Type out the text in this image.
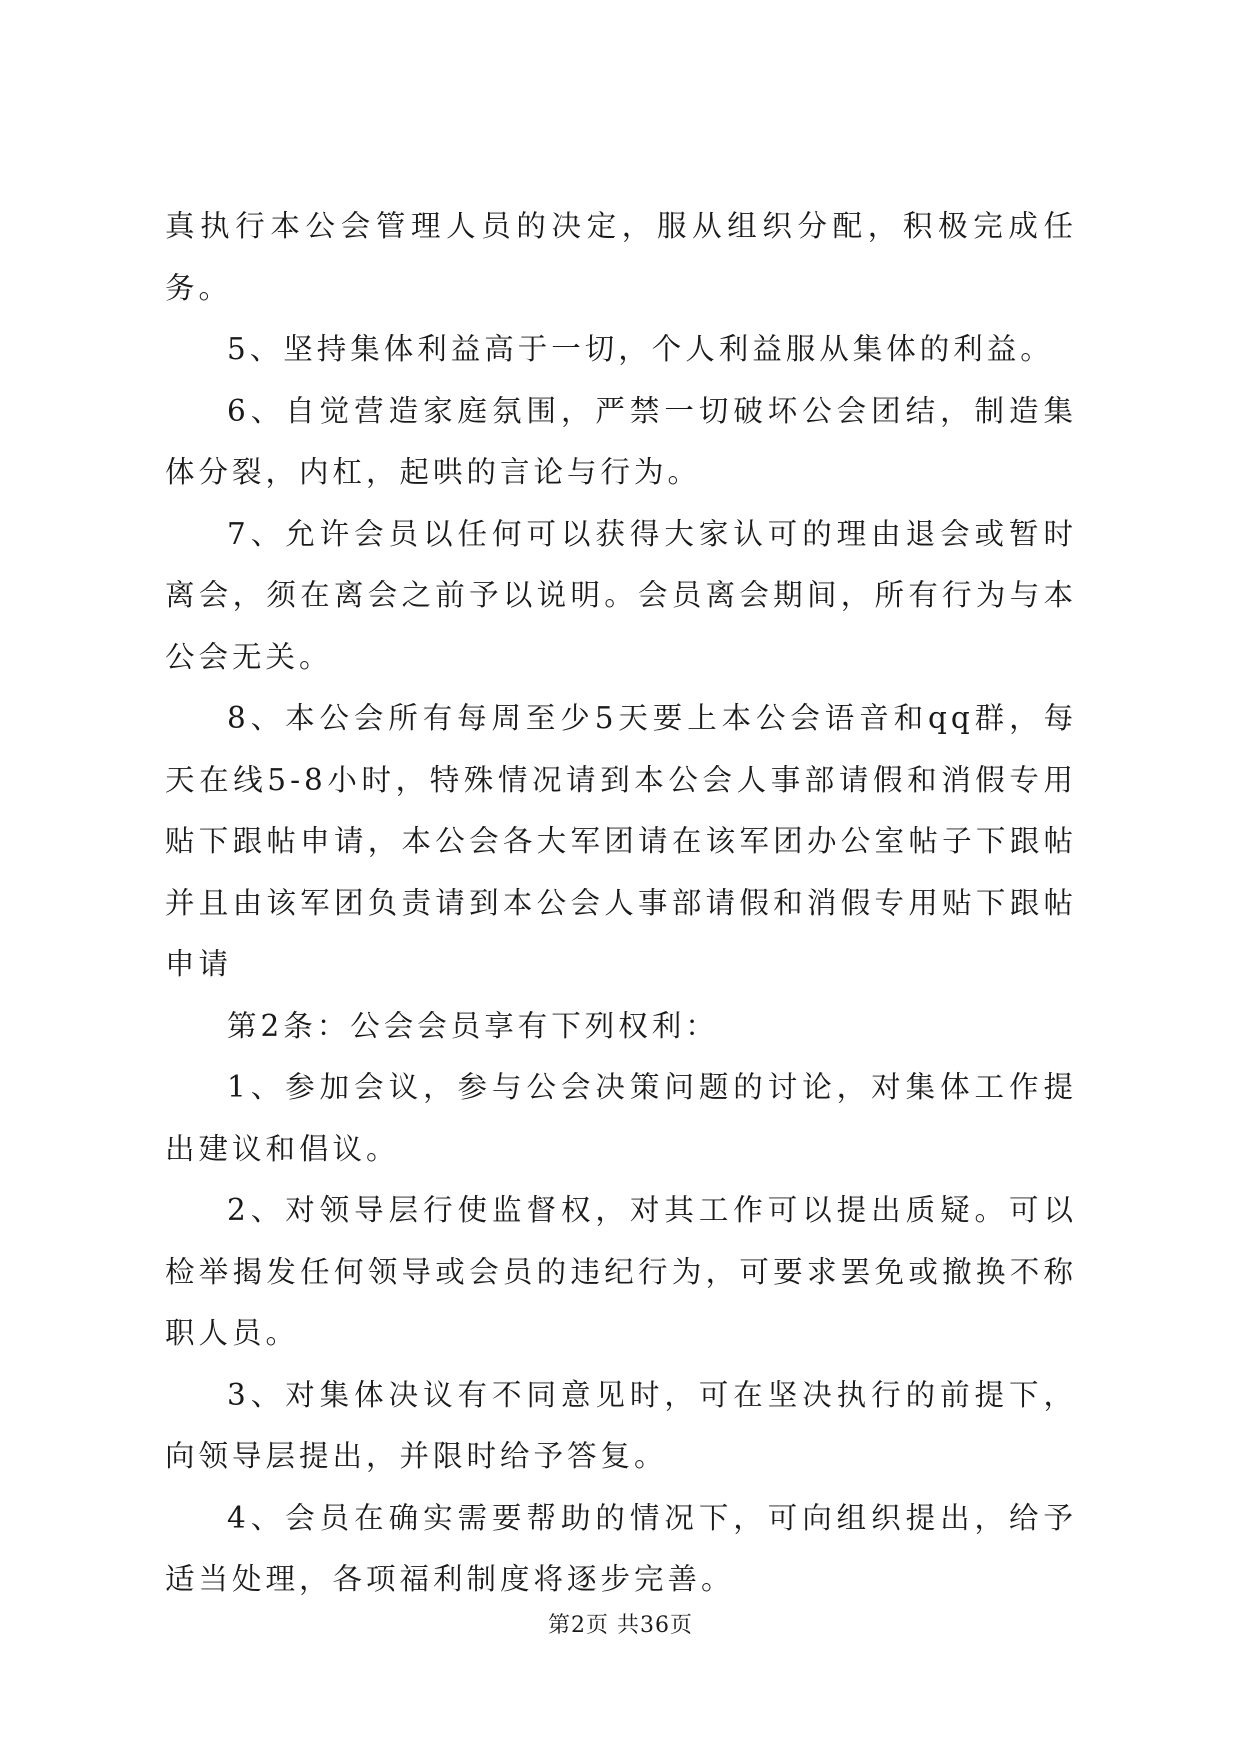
真执行本公会管理人员的决定，服从组织分配，积极完成任务。

5、坚持集体利益高于一切，个人利益服从集体的利益。

6、自觉营造家庭氛围，严禁一切破坏公会团结，制造集体分裂，内杠，起哄的言论与行为。

7、允许会员以任何可以获得大家认可的理由退会或暂时离会，须在离会之前予以说明。会员离会期间，所有行为与本公会无关。

8、本公会所有每周至少5天要上本公会语音和qq群，每天在线5-8小时，特殊情况请到本公会人事部请假和消假专用贴下跟帖申请，本公会各大军团请在该军团办公室帖子下跟帖并且由该军团负责请到本公会人事部请假和消假专用贴下跟帖申请

第2条：公会会员享有下列权利：

1、参加会议，参与公会决策问题的讨论，对集体工作提出建议和倡议。

2、对领导层行使监督权，对其工作可以提出质疑。可以检举揭发任何领导或会员的违纪行为，可要求罢免或撤换不称职人员。

3、对集体决议有不同意见时，可在坚决执行的前提下，向领导层提出，并限时给予答复。

4、会员在确实需要帮助的情况下，可向组织提出，给予适当处理，各项福利制度将逐步完善。

第2页 共36页
